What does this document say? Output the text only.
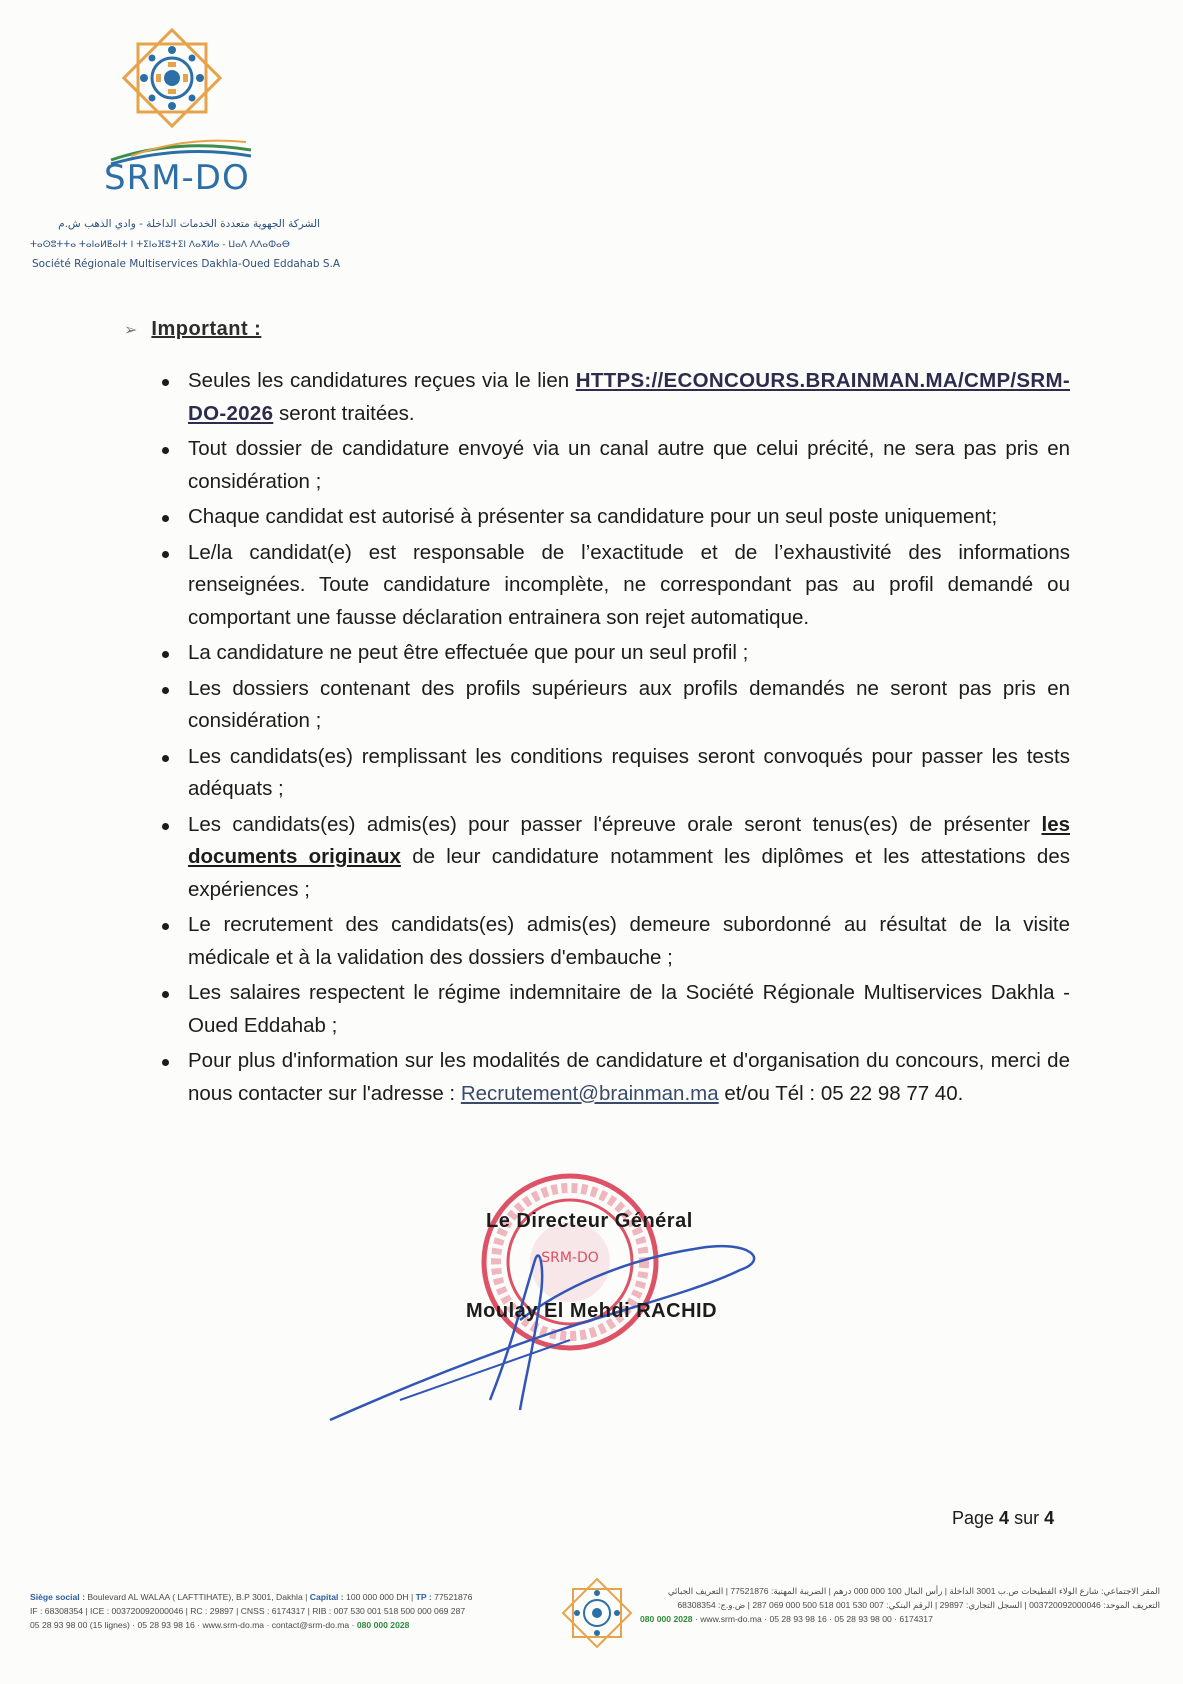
SRM-DO
الشركة الجهوية متعددة الخدمات الداخلة - وادي الذهب ش.م
ⵜⴰⵙⵓⵜⵜⴰ ⵜⴰⵏⴰⵍⵟⴰⵏⵜ ⵏ ⵜⵉⵏⴰⴼⵓⵜⵉⵏ ⴷⴰⵅⵍⴰ - ⵡⴰⴷ ⴷⴷⴰⵀⴰⴱ
Société Régionale Multiservices Dakhla-Oued Eddahab S.A
➢ Important :
Seules les candidatures reçues via le lien HTTPS://ECONCOURS.BRAINMAN.MA/CMP/SRM-DO-2026 seront traitées.
Tout dossier de candidature envoyé via un canal autre que celui précité, ne sera pas pris en considération ;
Chaque candidat est autorisé à présenter sa candidature pour un seul poste uniquement;
Le/la candidat(e) est responsable de l’exactitude et de l’exhaustivité des informations renseignées. Toute candidature incomplète, ne correspondant pas au profil demandé ou comportant une fausse déclaration entrainera son rejet automatique.
La candidature ne peut être effectuée que pour un seul profil ;
Les dossiers contenant des profils supérieurs aux profils demandés ne seront pas pris en considération ;
Les candidats(es) remplissant les conditions requises seront convoqués pour passer les tests adéquats ;
Les candidats(es) admis(es) pour passer l'épreuve orale seront tenus(es) de présenter les documents originaux de leur candidature notamment les diplômes et les attestations des expériences ;
Le recrutement des candidats(es) admis(es) demeure subordonné au résultat de la visite médicale et à la validation des dossiers d'embauche ;
Les salaires respectent le régime indemnitaire de la Société Régionale Multiservices Dakhla - Oued Eddahab ;
Pour plus d'information sur les modalités de candidature et d'organisation du concours, merci de nous contacter sur l'adresse : Recrutement@brainman.ma et/ou Tél : 05 22 98 77 40.
SRM-DO
Le Directeur Général
Moulay El Mehdi RACHID
Page 4 sur 4
Siège social : Boulevard AL WALAA ( LAFTTIHATE), B.P 3001, Dakhla | Capital : 100 000 000 DH | TP : 77521876
IF : 68308354 | ICE : 003720092000046 | RC : 29897 | CNSS : 6174317 | RIB : 007 530 001 518 500 000 069 287
05 28 93 98 00 (15 lignes) · 05 28 93 98 16 · www.srm-do.ma · contact@srm-do.ma · 080 000 2028
المقر الاجتماعي: شارع الولاء الفطيحات ص.ب 3001 الداخلة | رأس المال 100 000 000 درهم | الضريبة المهنية: 77521876 | التعريف الجبائي
التعريف الموحد: 003720092000046 | السجل التجاري: 29897 | الرقم البنكي: 007 530 001 518 500 000 069 287 | ض.و.ج: 68308354
080 000 2028 · www.srm-do.ma · 05 28 93 98 16 · 05 28 93 98 00 · 6174317
